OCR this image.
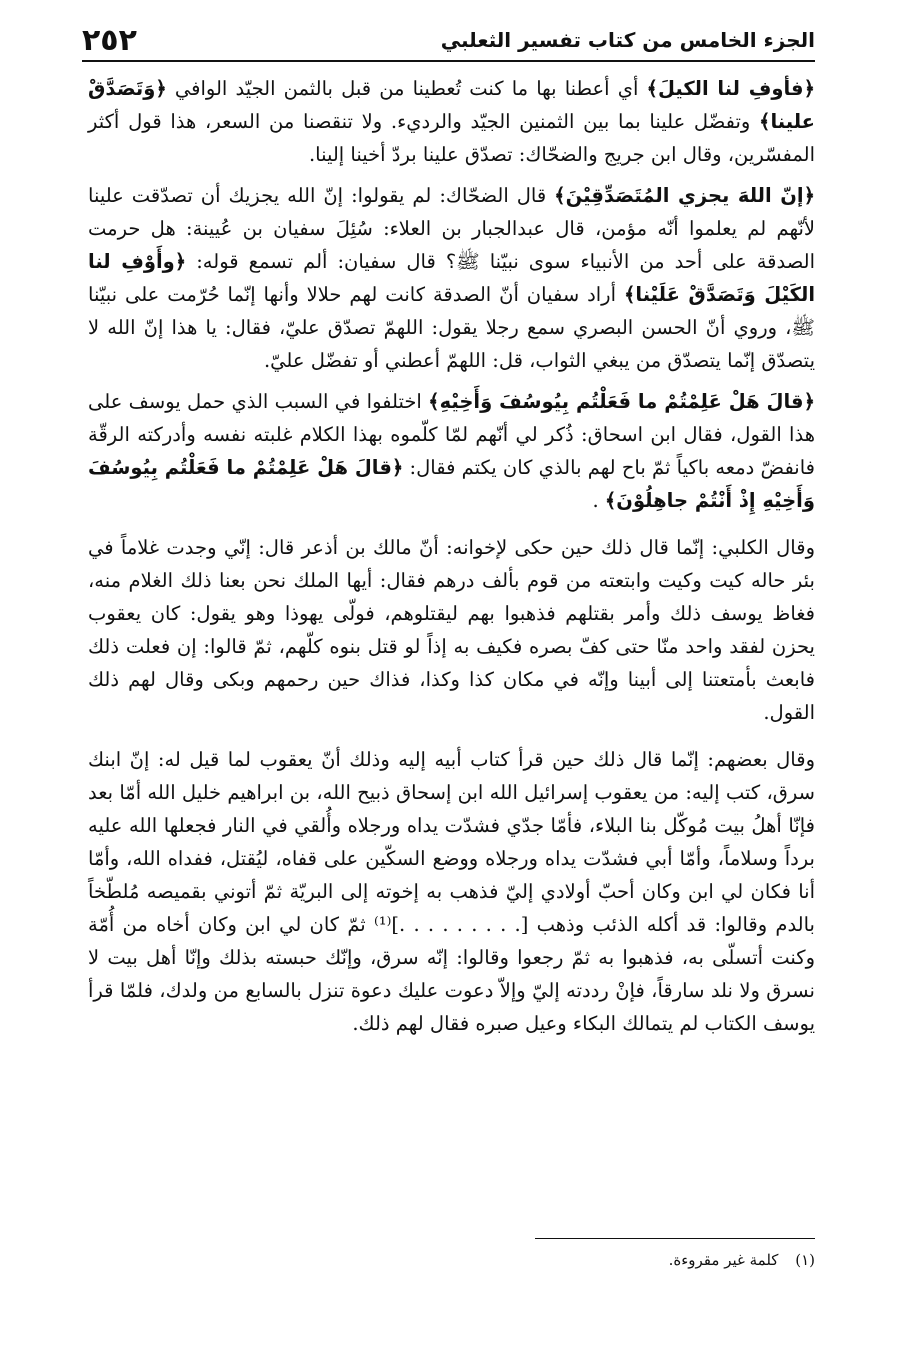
الجزء الخامس من كتاب تفسير الثعلبي
٢٥٢

﴿فأوفِ لنا الكيلَ﴾ أي أعطنا بها ما كنت تُعطينا من قبل بالثمن الجيّد الوافي ﴿وَتَصَدَّقْ علينا﴾ وتفضّل علينا بما بين الثمنين الجيّد والرديء. ولا تنقصنا من السعر، هذا قول أكثر المفسّرين، وقال ابن جريج والضحّاك: تصدّق علينا بردّ أخينا إلينا.

﴿إنّ اللهَ يجزي المُتَصَدِّقِيْنَ﴾ قال الضحّاك: لم يقولوا: إنّ الله يجزيك أن تصدّقت علينا لأنّهم لم يعلموا أنّه مؤمن، قال عبدالجبار بن العلاء: سُئِلَ سفيان بن عُيينة: هل حرمت الصدقة على أحد من الأنبياء سوى نبيّنا ﷺ؟ قال سفيان: ألم تسمع قوله: ﴿وأَوْفِ لنا الكَيْلَ وَتَصَدَّقْ عَلَيْنا﴾ أراد سفيان أنّ الصدقة كانت لهم حلالا وأنها إنّما حُرّمت على نبيّنا ﷺ، وروي أنّ الحسن البصري سمع رجلا يقول: اللهمّ تصدّق عليّ، فقال: يا هذا إنّ الله لا يتصدّق إنّما يتصدّق من يبغي الثواب، قل: اللهمّ أعطني أو تفضّل عليّ.

﴿قالَ هَلْ عَلِمْتُمْ ما فَعَلْتُم بِيُوسُفَ وَأَخِيْهِ﴾ اختلفوا في السبب الذي حمل يوسف على هذا القول، فقال ابن اسحاق: ذُكر لي أنّهم لمّا كلّموه بهذا الكلام غلبته نفسه وأدركته الرقّة فانفضّ دمعه باكياً ثمّ باح لهم بالذي كان يكتم فقال: ﴿قالَ هَلْ عَلِمْتُمْ ما فَعَلْتُم بِيُوسُفَ وَأَخِيْهِ إِذْ أَنْتُمْ جاهِلُوْنَ﴾ .

وقال الكلبي: إنّما قال ذلك حين حكى لإخوانه: أنّ مالك بن أذعر قال: إنّي وجدت غلاماً في بئر حاله كيت وكيت وابتعته من قوم بألف درهم فقال: أيها الملك نحن بعنا ذلك الغلام منه، فغاظ يوسف ذلك وأمر بقتلهم فذهبوا بهم ليقتلوهم، فولّى يهوذا وهو يقول: كان يعقوب يحزن لفقد واحد منّا حتى كفّ بصره فكيف به إذاً لو قتل بنوه كلّهم، ثمّ قالوا: إن فعلت ذلك فابعث بأمتعتنا إلى أبينا وإنّه في مكان كذا وكذا، فذاك حين رحمهم وبكى وقال لهم ذلك القول.

وقال بعضهم: إنّما قال ذلك حين قرأ كتاب أبيه إليه وذلك أنّ يعقوب لما قيل له: إنّ ابنك سرق، كتب إليه: من يعقوب إسرائيل الله ابن إسحاق ذبيح الله، بن ابراهيم خليل الله أمّا بعد فإنّا أهلُ بيت مُوكّل بنا البلاء، فأمّا جدّي فشدّت يداه ورجلاه وأُلقي في النار فجعلها الله عليه برداً وسلاماً، وأمّا أبي فشدّت يداه ورجلاه ووضع السكّين على قفاه، ليُقتل، ففداه الله، وأمّا أنا فكان لي ابن وكان أحبّ أولادي إليّ فذهب به إخوته إلى البريّة ثمّ أتوني بقميصه مُلطّخاً بالدم وقالوا: قد أكله الذئب وذهب [. . . . . . . . .]⁽¹⁾ ثمّ كان لي ابن وكان أخاه من أُمّة وكنت أتسلّى به، فذهبوا به ثمّ رجعوا وقالوا: إنّه سرق، وإنّك حبسته بذلك وإنّا أهل بيت لا نسرق ولا نلد سارقاً، فإنْ رددته إليّ وإلاّ دعوت عليك دعوة تنزل بالسابع من ولدك، فلمّا قرأ يوسف الكتاب لم يتمالك البكاء وعيل صبره فقال لهم ذلك.

(١) كلمة غير مقروءة.
